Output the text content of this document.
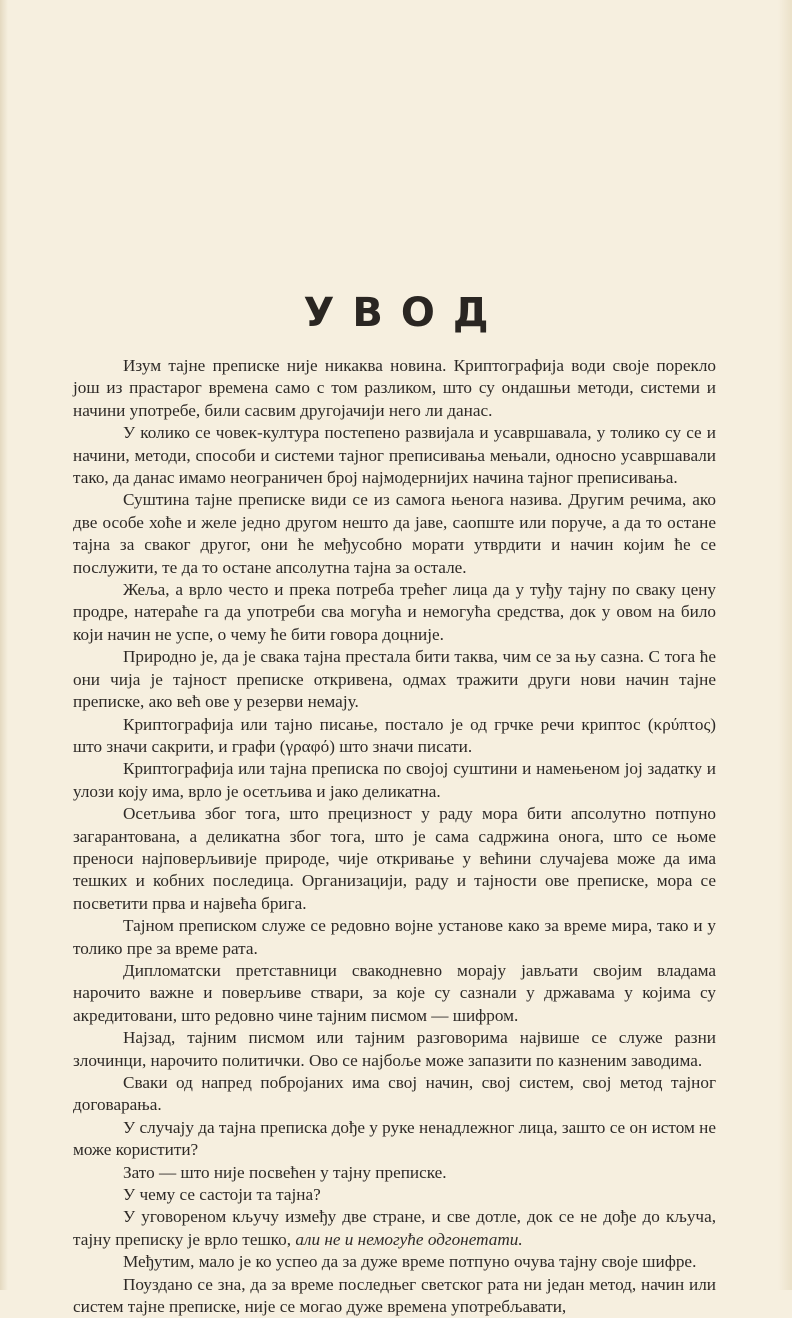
УВОД

Изум тајне преписке није никаква новина. Криптографија води своје порекло још из прастарог времена само с том разликом, што су ондашњи методи, системи и начини употребе, били сасвим другојачији него ли данас.

У колико се човек-култура постепено развијала и усавршавала, у толико су се и начини, методи, способи и системи тајног преписивања мењали, односно усавршавали тако, да данас имамо неограничен број најмодернијих начина тајног преписивања.

Суштина тајне преписке види се из самога њенога назива. Другим речима, ако две особе хоће и желе једно другом нешто да јаве, саопште или поруче, а да то остане тајна за сваког другог, они ће међусобно морати утврдити и начин којим ће се послужити, те да то остане апсолутна тајна за остале.

Жеља, а врло често и прека потреба трећег лица да у туђу тајну по сваку цену продре, натераће га да употреби сва могућа и немогућа средства, док у овом на било који начин не успе, о чему ће бити говора доцније.

Природно је, да је свака тајна престала бити таква, чим се за њу сазна. С тога ће они чија је тајност преписке откривена, одмах тражити други нови начин тајне преписке, ако већ ове у резерви немају.

Криптографија или тајно писање, постало је од грчке речи криптос (κρύπτος) што значи сакрити, и графи (γραφό) што значи писати.

Криптографија или тајна преписка по својој суштини и намењеном јој задатку и улози коју има, врло је осетљива и јако деликатна.

Осетљива због тога, што прецизност у раду мора бити апсолутно потпуно загарантована, а деликатна због тога, што је сама садржина онога, што се њоме преноси најповерљивије природе, чије откривање у већини случајева може да има тешких и кобних последица. Организацији, раду и тајности ове преписке, мора се посветити прва и највећа брига.

Тајном преписком служе се редовно војне установе како за време мира, тако и у толико пре за време рата.

Дипломатски претставници свакодневно морају јављати својим владама нарочито важне и поверљиве ствари, за које су сазнали у државама у којима су акредитовани, што редовно чине тајним писмом — шифром.

Најзад, тајним писмом или тајним разговорима највише се служе разни злочинци, нарочито политички. Ово се најбоље може запазити по казненим заводима.

Сваки од напред побројаних има свој начин, свој систем, свој метод тајног договарања.

У случају да тајна преписка дође у руке ненадлежног лица, зашто се он истом не може користити?

Зато — што није посвећен у тајну преписке.

У чему се састоји та тајна?

У уговореном кључу између две стране, и све дотле, док се не дође до кључа, тајну преписку је врло тешко, али не и немогуће одгонетати.

Међутим, мало је ко успео да за дуже време потпуно очува тајну своје шифре.

Поуздано се зна, да за време последњег светског рата ни један метод, начин или систем тајне преписке, није се могао дуже времена употребљавати,
